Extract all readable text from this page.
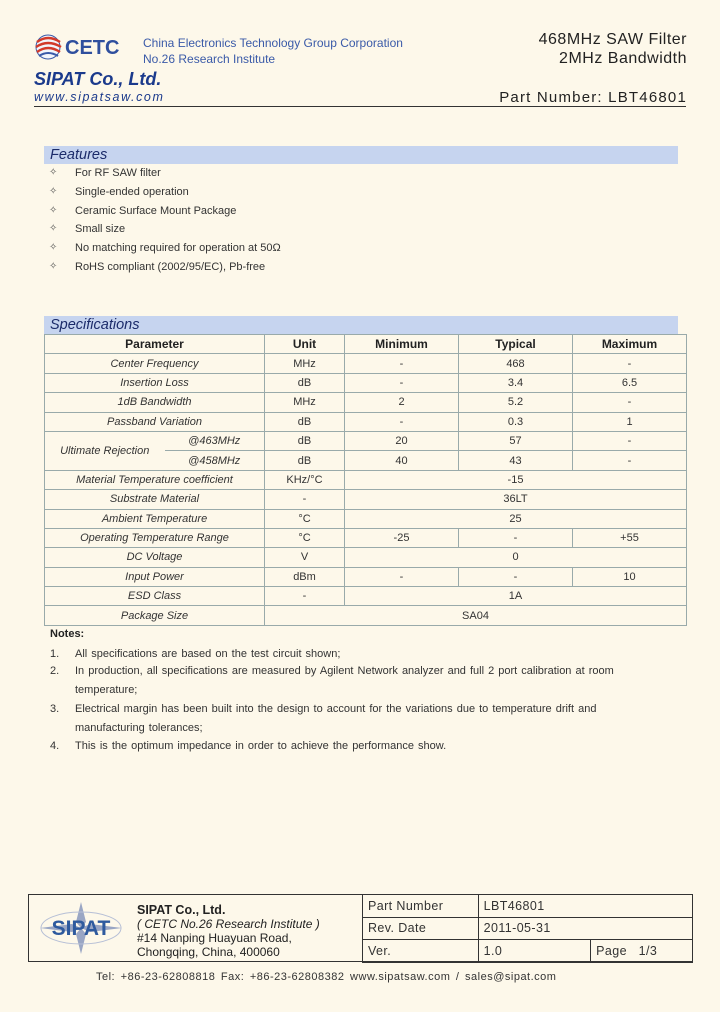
CETC China Electronics Technology Group Corporation
No.26 Research Institute
SIPAT Co., Ltd.
www.sipatsaw.com
468MHz SAW Filter
2MHz Bandwidth
Part Number: LBT46801
Features
✧ For RF SAW filter
✧ Single-ended operation
✧ Ceramic Surface Mount Package
✧ Small size
✧ No matching required for operation at 50Ω
✧ RoHS compliant (2002/95/EC), Pb-free
Specifications
Parameter		Unit	Minimum	Typical	Maximum
Center Frequency		MHz	-	468	-
Insertion Loss		dB	-	3.4	6.5
1dB Bandwidth		MHz	2	5.2	-
Passband Variation		dB	-	0.3	1
Ultimate Rejection	@463MHz	dB	20	57	-
	@458MHz	dB	40	43	-
Material Temperature coefficient		KHz/°C	-15		
Substrate Material		-	36LT		
Ambient Temperature		°C	25		
Operating Temperature Range		°C	-25	-	+55
DC Voltage		V	0		
Input Power		dBm	-	-	10
ESD Class		-	1A		
Package Size		SA04			
Notes:
1. All specifications are based on the test circuit shown;
2. In production, all specifications are measured by Agilent Network analyzer and full 2 port calibration at room temperature;
3. Electrical margin has been built into the design to account for the variations due to temperature drift and manufacturing tolerances;
4. This is the optimum impedance in order to achieve the performance show.
SIPAT
SIPAT Co., Ltd.
( CETC No.26 Research Institute )
#14 Nanping Huayuan Road,
Chongqing, China, 400060
Part Number	LBT46801	
Rev. Date	2011-05-31	
Ver.	1.0	Page 1/3
Tel: +86-23-62808818 Fax: +86-23-62808382 www.sipatsaw.com / sales@sipat.com
